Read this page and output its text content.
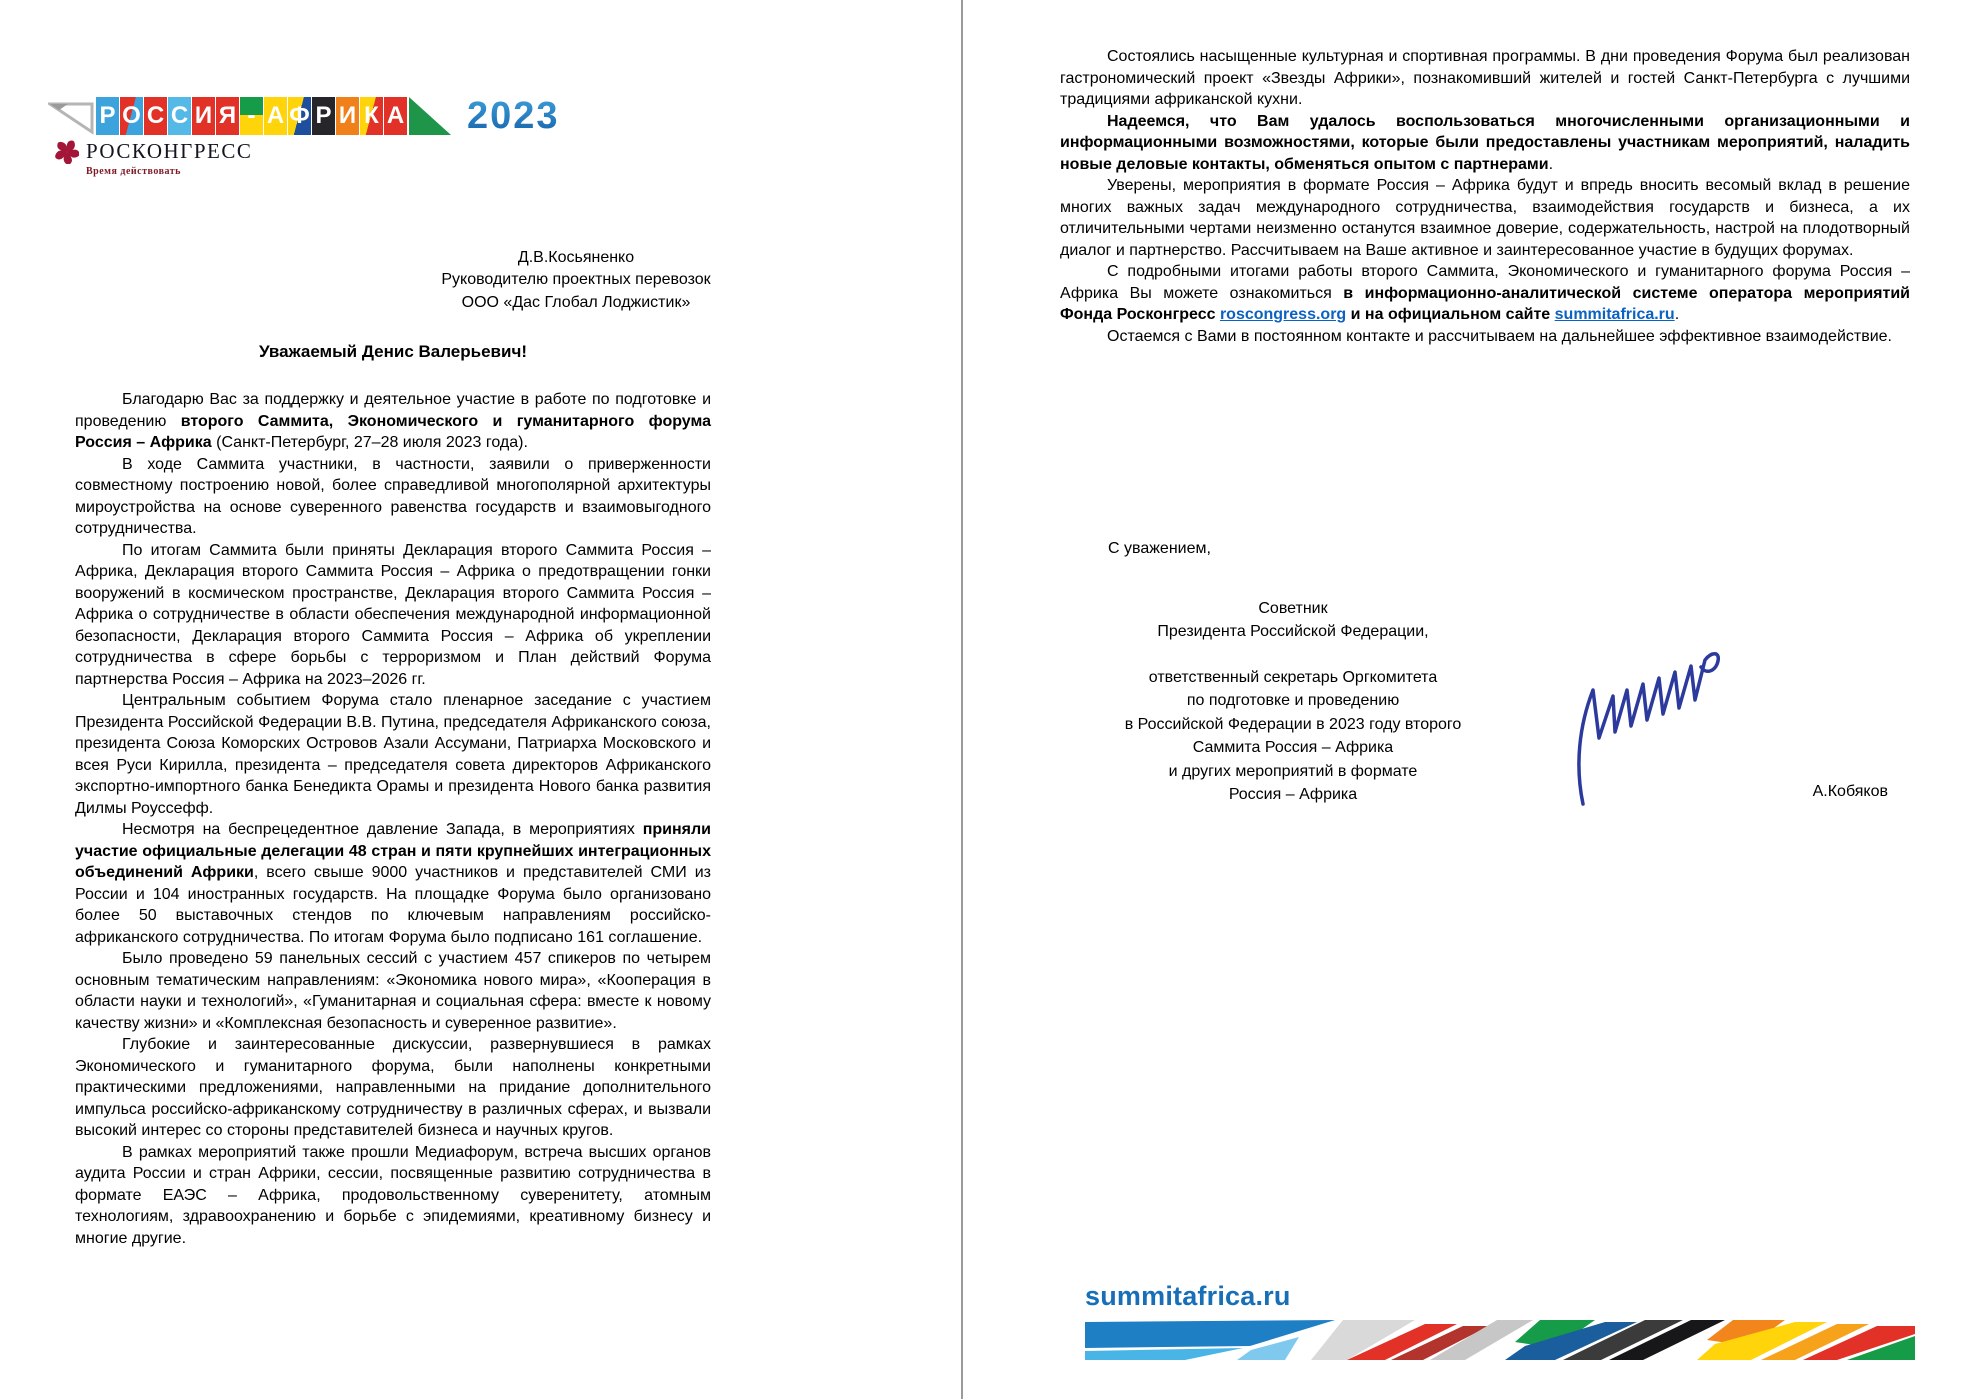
Р О С С И Я - А Ф Р И К А 2023
РОСКОНГРЕСС
Время действовать
Д.В.Косьяненко
Руководителю проектных перевозок
ООО «Дас Глобал Лоджистик»
Уважаемый Денис Валерьевич!

Благодарю Вас за поддержку и деятельное участие в работе по подготовке и проведению второго Саммита, Экономического и гуманитарного форума Россия – Африка (Санкт-Петербург, 27–28 июля 2023 года).

В ходе Саммита участники, в частности, заявили о приверженности совместному построению новой, более справедливой многополярной архитектуры мироустройства на основе суверенного равенства государств и взаимовыгодного сотрудничества.

По итогам Саммита были приняты Декларация второго Саммита Россия – Африка, Декларация второго Саммита Россия – Африка о предотвращении гонки вооружений в космическом пространстве, Декларация второго Саммита Россия – Африка о сотрудничестве в области обеспечения международной информационной безопасности, Декларация второго Саммита Россия – Африка об укреплении сотрудничества в сфере борьбы с терроризмом и План действий Форума партнерства Россия – Африка на 2023–2026 гг.

Центральным событием Форума стало пленарное заседание с участием Президента Российской Федерации В.В. Путина, председателя Африканского союза, президента Союза Коморских Островов Азали Ассумани, Патриарха Московского и всея Руси Кирилла, президента – председателя совета директоров Африканского экспортно-импортного банка Бенедикта Орамы и президента Нового банка развития Дилмы Роуссефф.

Несмотря на беспрецедентное давление Запада, в мероприятиях приняли участие официальные делегации 48 стран и пяти крупнейших интеграционных объединений Африки, всего свыше 9000 участников и представителей СМИ из России и 104 иностранных государств. На площадке Форума было организовано более 50 выставочных стендов по ключевым направлениям российско-африканского сотрудничества. По итогам Форума было подписано 161 соглашение.

Было проведено 59 панельных сессий с участием 457 спикеров по четырем основным тематическим направлениям: «Экономика нового мира», «Кооперация в области науки и технологий», «Гуманитарная и социальная сфера: вместе к новому качеству жизни» и «Комплексная безопасность и суверенное развитие».

Глубокие и заинтересованные дискуссии, развернувшиеся в рамках Экономического и гуманитарного форума, были наполнены конкретными практическими предложениями, направленными на придание дополнительного импульса российско-африканскому сотрудничеству в различных сферах, и вызвали высокий интерес со стороны представителей бизнеса и научных кругов.

В рамках мероприятий также прошли Медиафорум, встреча высших органов аудита России и стран Африки, сессии, посвященные развитию сотрудничества в формате ЕАЭС – Африка, продовольственному суверенитету, атомным технологиям, здравоохранению и борьбе с эпидемиями, креативному бизнесу и многие другие.

Состоялись насыщенные культурная и спортивная программы. В дни проведения Форума был реализован гастрономический проект «Звезды Африки», познакомивший жителей и гостей Санкт-Петербурга с лучшими традициями африканской кухни.

Надеемся, что Вам удалось воспользоваться многочисленными организационными и информационными возможностями, которые были предоставлены участникам мероприятий, наладить новые деловые контакты, обменяться опытом с партнерами.

Уверены, мероприятия в формате Россия – Африка будут и впредь вносить весомый вклад в решение многих важных задач международного сотрудничества, взаимодействия государств и бизнеса, а их отличительными чертами неизменно останутся взаимное доверие, содержательность, настрой на плодотворный диалог и партнерство. Рассчитываем на Ваше активное и заинтересованное участие в будущих форумах.

С подробными итогами работы второго Саммита, Экономического и гуманитарного форума Россия – Африка Вы можете ознакомиться в информационно-аналитической системе оператора мероприятий Фонда Росконгресс roscongress.org и на официальном сайте summitafrica.ru.

Остаемся с Вами в постоянном контакте и рассчитываем на дальнейшее эффективное взаимодействие.

С уважением,
Советник
Президента Российской Федерации,
ответственный секретарь Оргкомитета
по подготовке и проведению
в Российской Федерации в 2023 году второго
Саммита Россия – Африка
и других мероприятий в формате
Россия – Африка	А.Кобяков
summitafrica.ru
